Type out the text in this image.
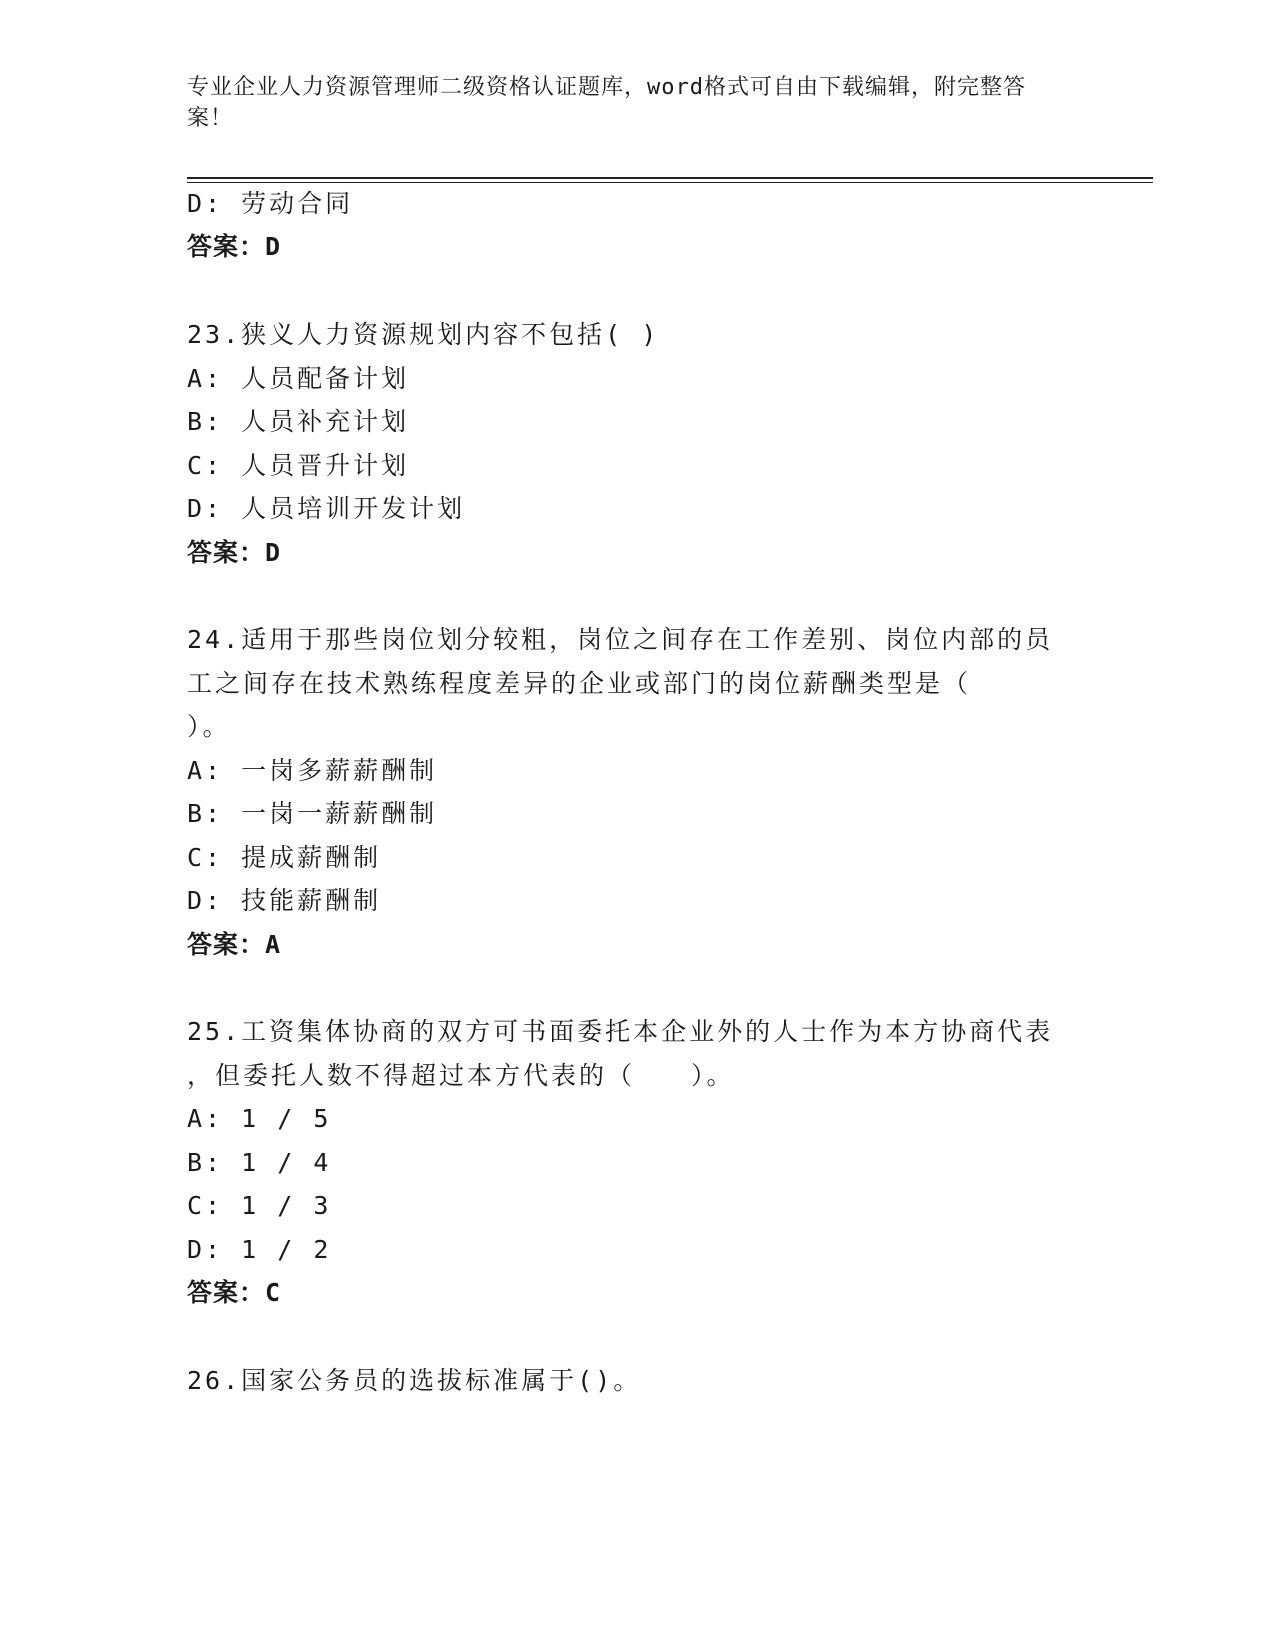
专业企业人力资源管理师二级资格认证题库，word格式可自由下载编辑，附完整答案！
D: 劳动合同
答案：D
23.狭义人力资源规划内容不包括( )
A: 人员配备计划
B: 人员补充计划
C: 人员晋升计划
D: 人员培训开发计划
答案：D
24.适用于那些岗位划分较粗，岗位之间存在工作差别、岗位内部的员
工之间存在技术熟练程度差异的企业或部门的岗位薪酬类型是（
）。
A: 一岗多薪薪酬制
B: 一岗一薪薪酬制
C: 提成薪酬制
D: 技能薪酬制
答案：A
25.工资集体协商的双方可书面委托本企业外的人士作为本方协商代表
，但委托人数不得超过本方代表的（　　）。
A: 1 / 5
B: 1 / 4
C: 1 / 3
D: 1 / 2
答案：C
26.国家公务员的选拔标准属于()。
